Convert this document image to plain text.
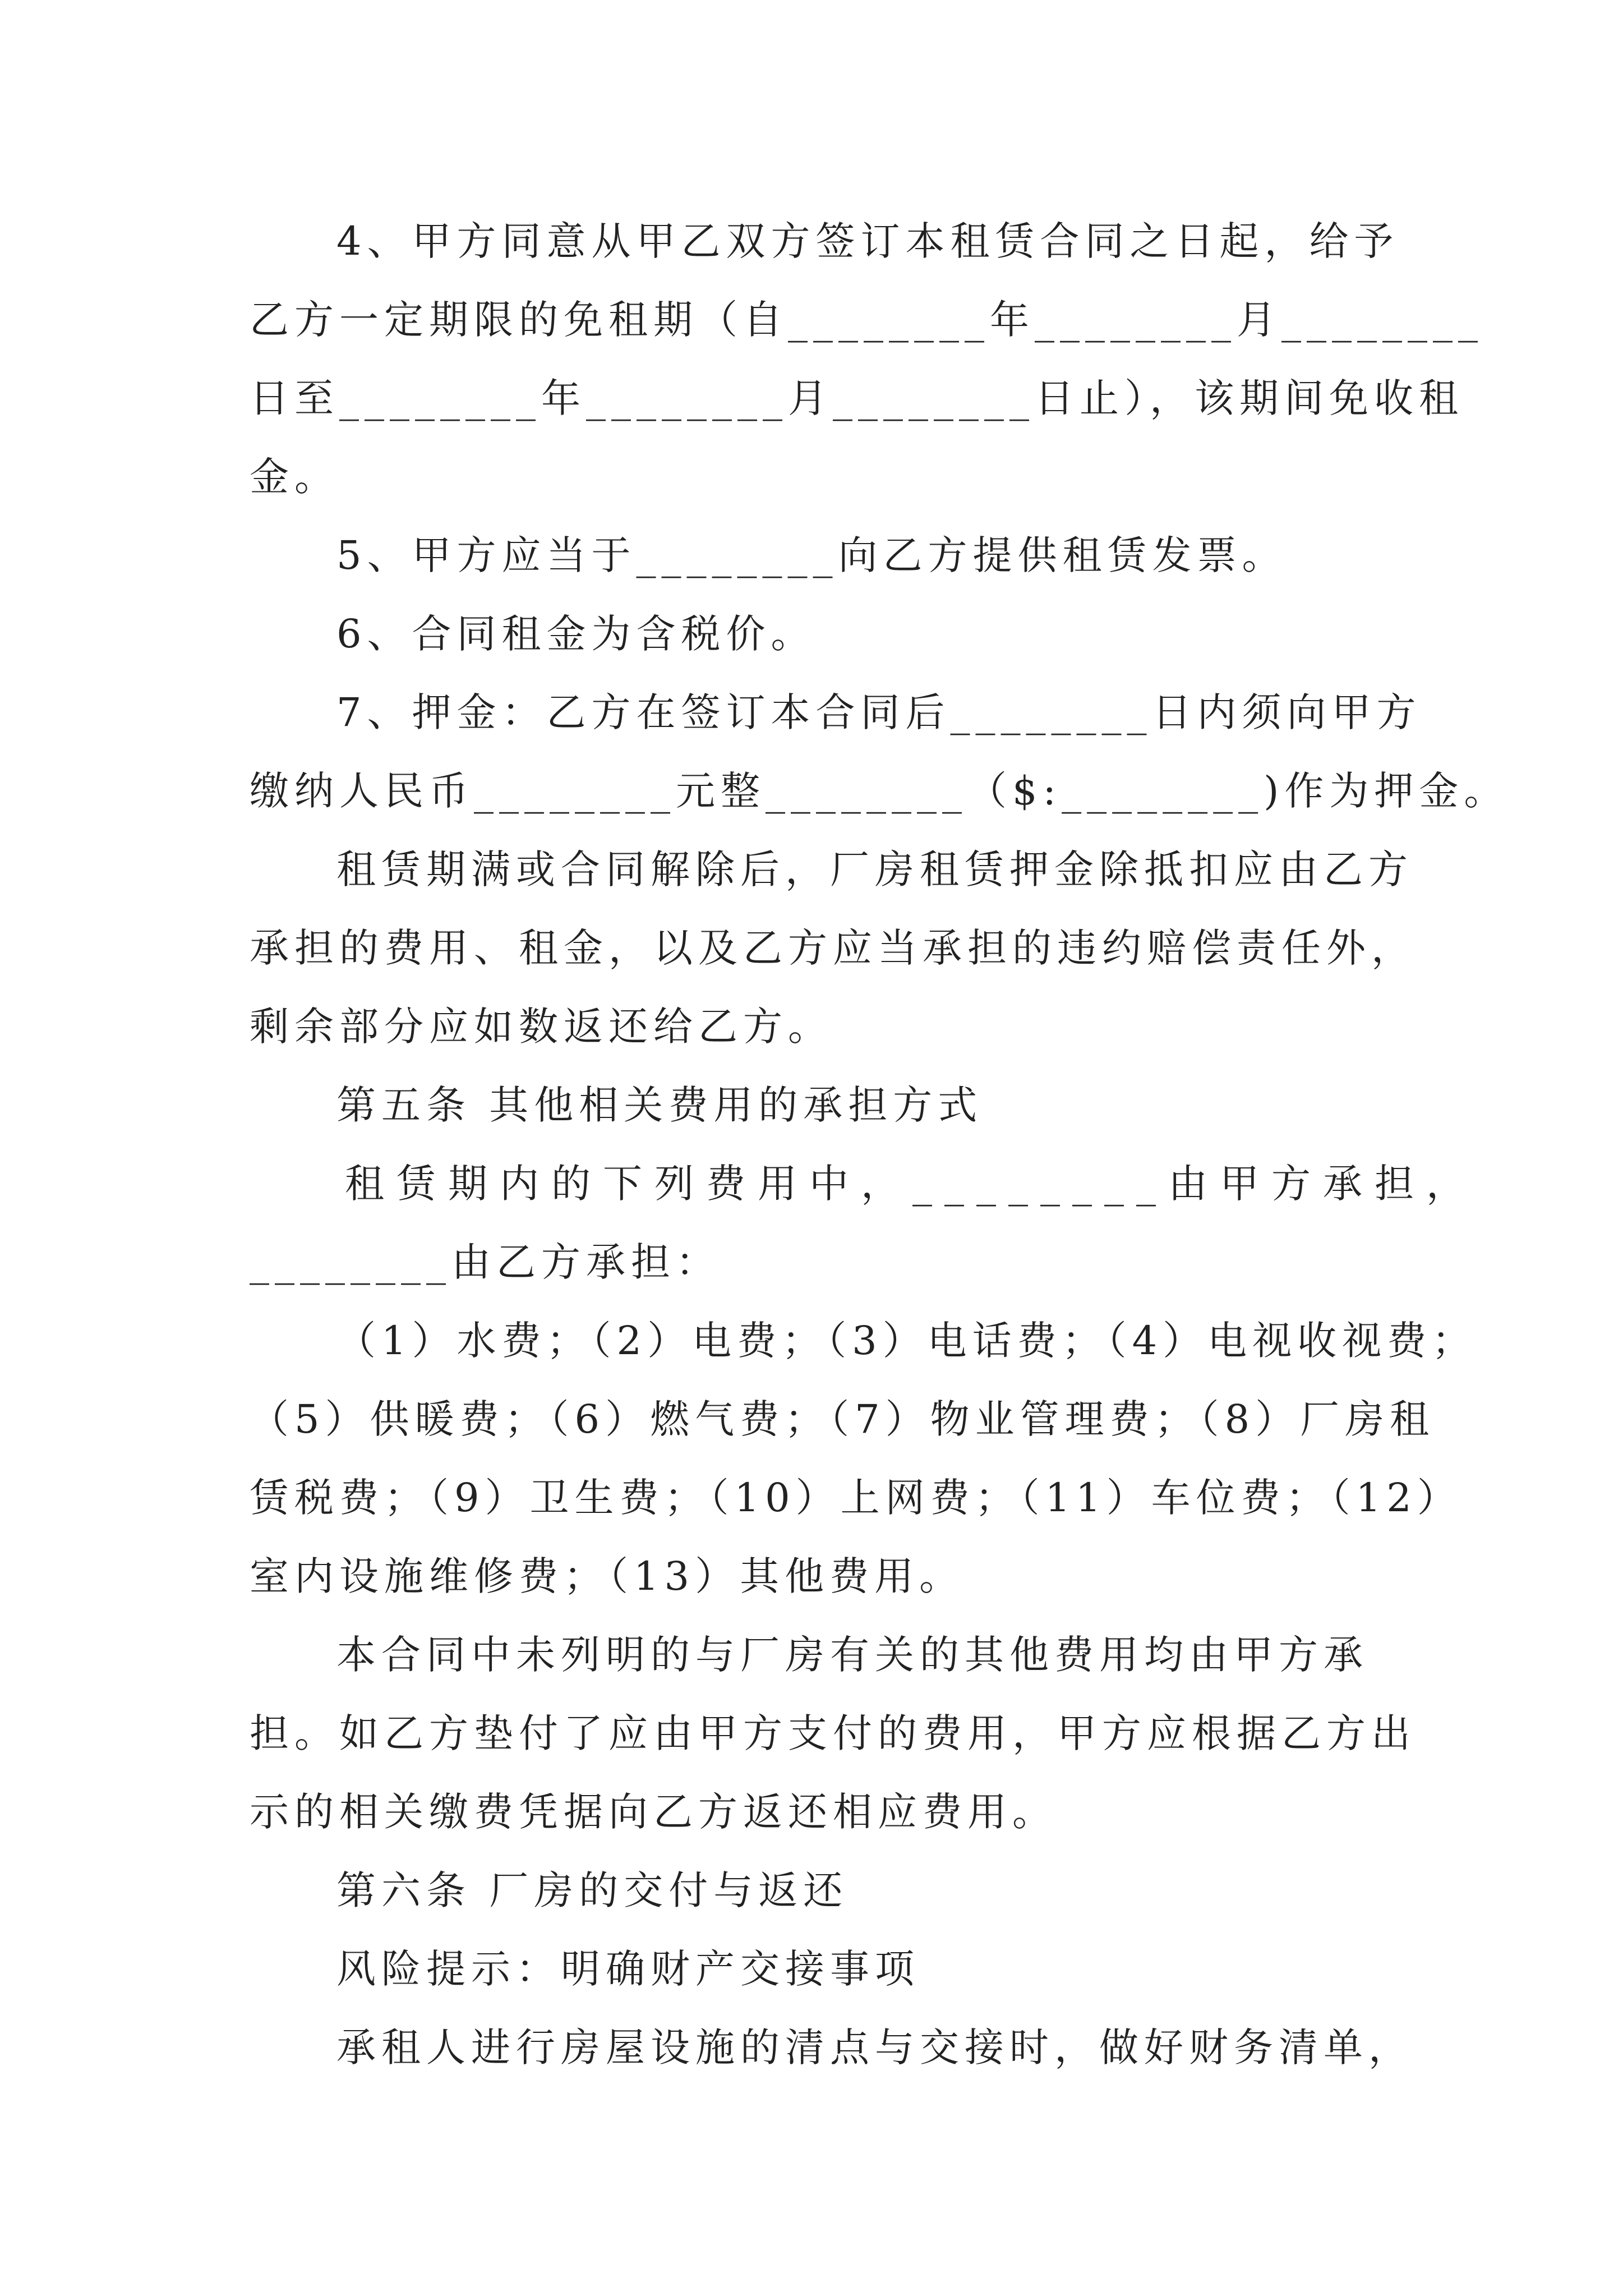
4、甲方同意从甲乙双方签订本租赁合同之日起，给予
乙方一定期限的免租期（自________年________月________
日至________年________月________日止），该期间免收租
金。
5、甲方应当于________向乙方提供租赁发票。
6、合同租金为含税价。
7、押金：乙方在签订本合同后________日内须向甲方
缴纳人民币________元整________（$:________)作为押金。
租赁期满或合同解除后，厂房租赁押金除抵扣应由乙方
承担的费用、租金，以及乙方应当承担的违约赔偿责任外，
剩余部分应如数返还给乙方。
第五条 其他相关费用的承担方式
租赁期内的下列费用中，________由甲方承担，
________由乙方承担：
（1）水费；（2）电费；（3）电话费；（4）电视收视费；
（5）供暖费；（6）燃气费；（7）物业管理费；（8）厂房租
赁税费；（9）卫生费；（10）上网费；（11）车位费；（12）
室内设施维修费；（13）其他费用。
本合同中未列明的与厂房有关的其他费用均由甲方承
担。如乙方垫付了应由甲方支付的费用，甲方应根据乙方出
示的相关缴费凭据向乙方返还相应费用。
第六条 厂房的交付与返还
风险提示：明确财产交接事项
承租人进行房屋设施的清点与交接时，做好财务清单，
